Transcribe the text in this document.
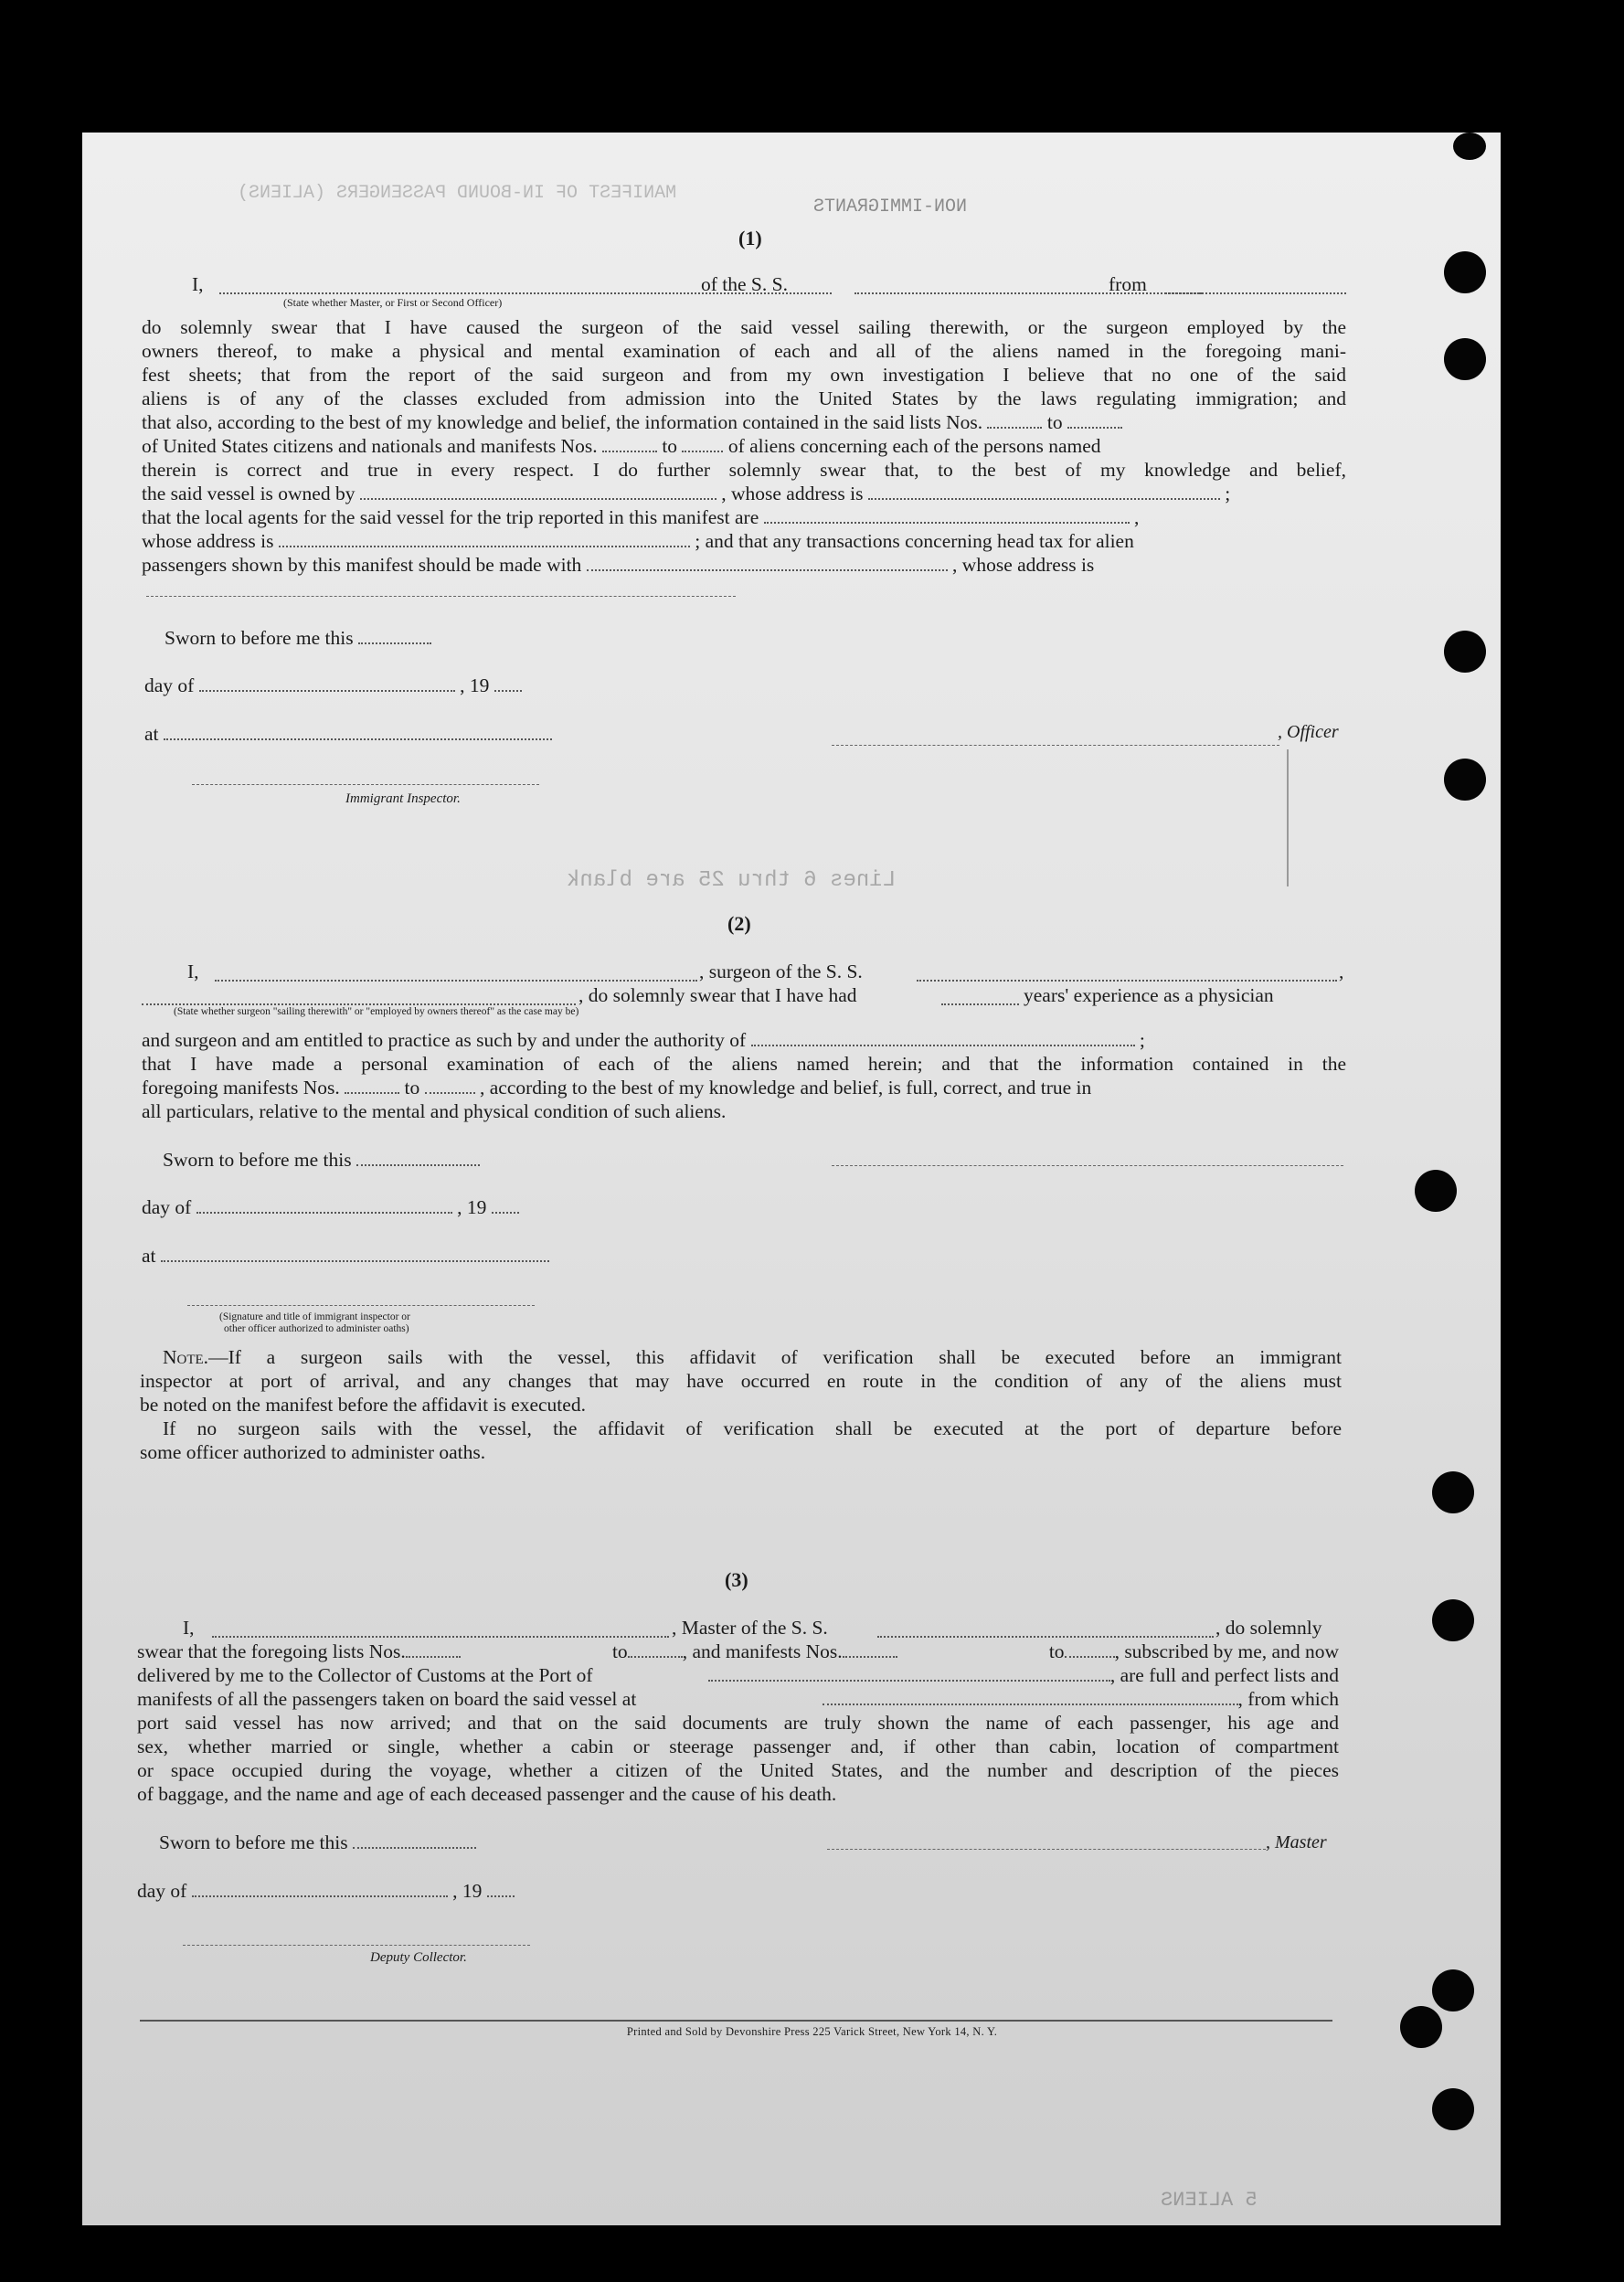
Lines 6 thru 25 are blank
NON-IMMIGRANTS
MANIFEST OF IN-BOUND PASSENGERS (ALIENS)
5 ALIENS
(1)
I,	of the S. S.	from
(State whether Master, or First or Second Officer)
do solemnly swear that I have caused the surgeon of the said vessel sailing therewith, or the surgeon employed by the
owners thereof, to make a physical and mental examination of each and all of the aliens named in the foregoing mani-
fest sheets; that from the report of the said surgeon and from my own investigation I believe that no one of the said
aliens is of any of the classes excluded from admission into the United States by the laws regulating immigration; and
that also, according to the best of my knowledge and belief, the information contained in the said lists Nos.	to
of United States citizens and nationals and manifests Nos.	to	of aliens concerning each of the persons named
therein is correct and true in every respect. I do further solemnly swear that, to the best of my knowledge and belief,
the said vessel is owned by	, whose address is	;
that the local agents for the said vessel for the trip reported in this manifest are	,
whose address is	; and that any transactions concerning head tax for alien
passengers shown by this manifest should be made with	, whose address is
Sworn to before me this
day of	, 19
at	, Officer
Immigrant Inspector.
(2)
I,	, surgeon of the S. S.	,
, do solemnly swear that I have had	years' experience as a physician
(State whether surgeon "sailing therewith" or "employed by owners thereof" as the case may be)
and surgeon and am entitled to practice as such by and under the authority of	;
that I have made a personal examination of each of the aliens named herein; and that the information contained in the
foregoing manifests Nos.	to	, according to the best of my knowledge and belief, is full, correct, and true in
all particulars, relative to the mental and physical condition of such aliens.
Sworn to before me this
day of	, 19
at
(Signature and title of immigrant inspector or
other officer authorized to administer oaths)
Note.—If a surgeon sails with the vessel, this affidavit of verification shall be executed before an immigrant
inspector at port of arrival, and any changes that may have occurred en route in the condition of any of the aliens must
be noted on the manifest before the affidavit is executed.
If no surgeon sails with the vessel, the affidavit of verification shall be executed at the port of departure before
some officer authorized to administer oaths.
(3)
I,	, Master of the S. S.	, do solemnly
swear that the foregoing lists Nos.	to	, and manifests Nos.	to	, subscribed by me, and now
delivered by me to the Collector of Customs at the Port of	, are full and perfect lists and
manifests of all the passengers taken on board the said vessel at	, from which
port said vessel has now arrived; and that on the said documents are truly shown the name of each passenger, his age and
sex, whether married or single, whether a cabin or steerage passenger and, if other than cabin, location of compartment
or space occupied during the voyage, whether a citizen of the United States, and the number and description of the pieces
of baggage, and the name and age of each deceased passenger and the cause of his death.
Sworn to before me this	, Master
day of	, 19
Deputy Collector.
Printed and Sold by Devonshire Press 225 Varick Street, New York 14, N. Y.
